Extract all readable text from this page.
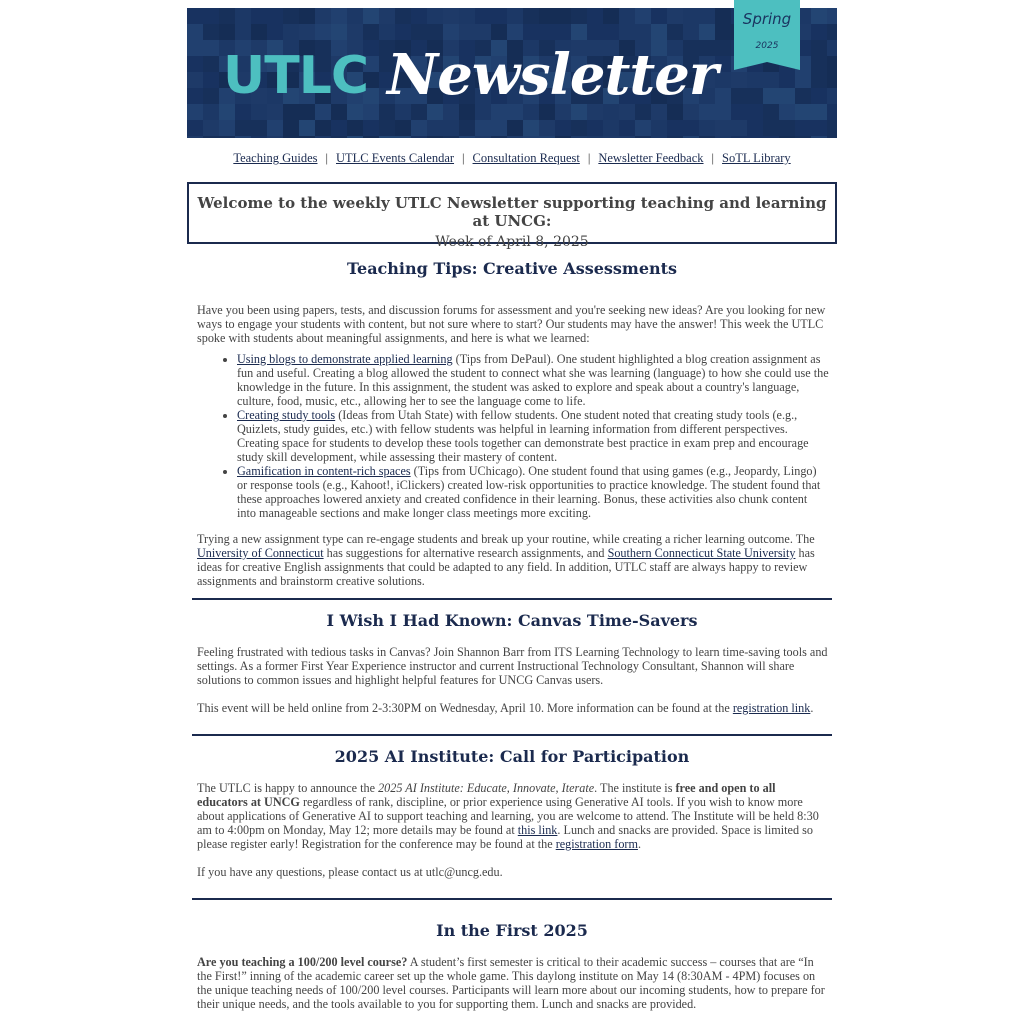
UTLC Newsletter
Spring
2025
Teaching Guides | UTLC Events Calendar | Consultation Request | Newsletter Feedback | SoTL Library
Welcome to the weekly UTLC Newsletter supporting teaching and learning at UNCG:
Week of April 8, 2025
Teaching Tips: Creative Assessments

Have you been using papers, tests, and discussion forums for assessment and you're seeking new ideas? Are you looking for new ways to engage your students with content, but not sure where to start? Our students may have the answer! This week the UTLC spoke with students about meaningful assignments, and here is what we learned:

• Using blogs to demonstrate applied learning (Tips from DePaul). One student highlighted a blog creation assignment as fun and useful. Creating a blog allowed the student to connect what she was learning (language) to how she could use the knowledge in the future. In this assignment, the student was asked to explore and speak about a country's language, culture, food, music, etc., allowing her to see the language come to life.
• Creating study tools (Ideas from Utah State) with fellow students. One student noted that creating study tools (e.g., Quizlets, study guides, etc.) with fellow students was helpful in learning information from different perspectives. Creating space for students to develop these tools together can demonstrate best practice in exam prep and encourage study skill development, while assessing their mastery of content.
• Gamification in content-rich spaces (Tips from UChicago). One student found that using games (e.g., Jeopardy, Lingo) or response tools (e.g., Kahoot!, iClickers) created low-risk opportunities to practice knowledge. The student found that these approaches lowered anxiety and created confidence in their learning. Bonus, these activities also chunk content into manageable sections and make longer class meetings more exciting.

Trying a new assignment type can re-engage students and break up your routine, while creating a richer learning outcome. The University of Connecticut has suggestions for alternative research assignments, and Southern Connecticut State University has ideas for creative English assignments that could be adapted to any field. In addition, UTLC staff are always happy to review assignments and brainstorm creative solutions.

I Wish I Had Known: Canvas Time-Savers

Feeling frustrated with tedious tasks in Canvas? Join Shannon Barr from ITS Learning Technology to learn time-saving tools and settings. As a former First Year Experience instructor and current Instructional Technology Consultant, Shannon will share solutions to common issues and highlight helpful features for UNCG Canvas users.

This event will be held online from 2-3:30PM on Wednesday, April 10. More information can be found at the registration link.

2025 AI Institute: Call for Participation

The UTLC is happy to announce the 2025 AI Institute: Educate, Innovate, Iterate. The institute is free and open to all educators at UNCG regardless of rank, discipline, or prior experience using Generative AI tools. If you wish to know more about applications of Generative AI to support teaching and learning, you are welcome to attend. The Institute will be held 8:30 am to 4:00pm on Monday, May 12; more details may be found at this link. Lunch and snacks are provided. Space is limited so please register early! Registration for the conference may be found at the registration form.

If you have any questions, please contact us at utlc@uncg.edu.

In the First 2025

Are you teaching a 100/200 level course? A student’s first semester is critical to their academic success – courses that are “In the First!” inning of the academic career set up the whole game. This daylong institute on May 14 (8:30AM - 4PM) focuses on the unique teaching needs of 100/200 level courses. Participants will learn more about our incoming students, how to prepare for their unique needs, and the tools available to you for supporting them. Lunch and snacks are provided.
